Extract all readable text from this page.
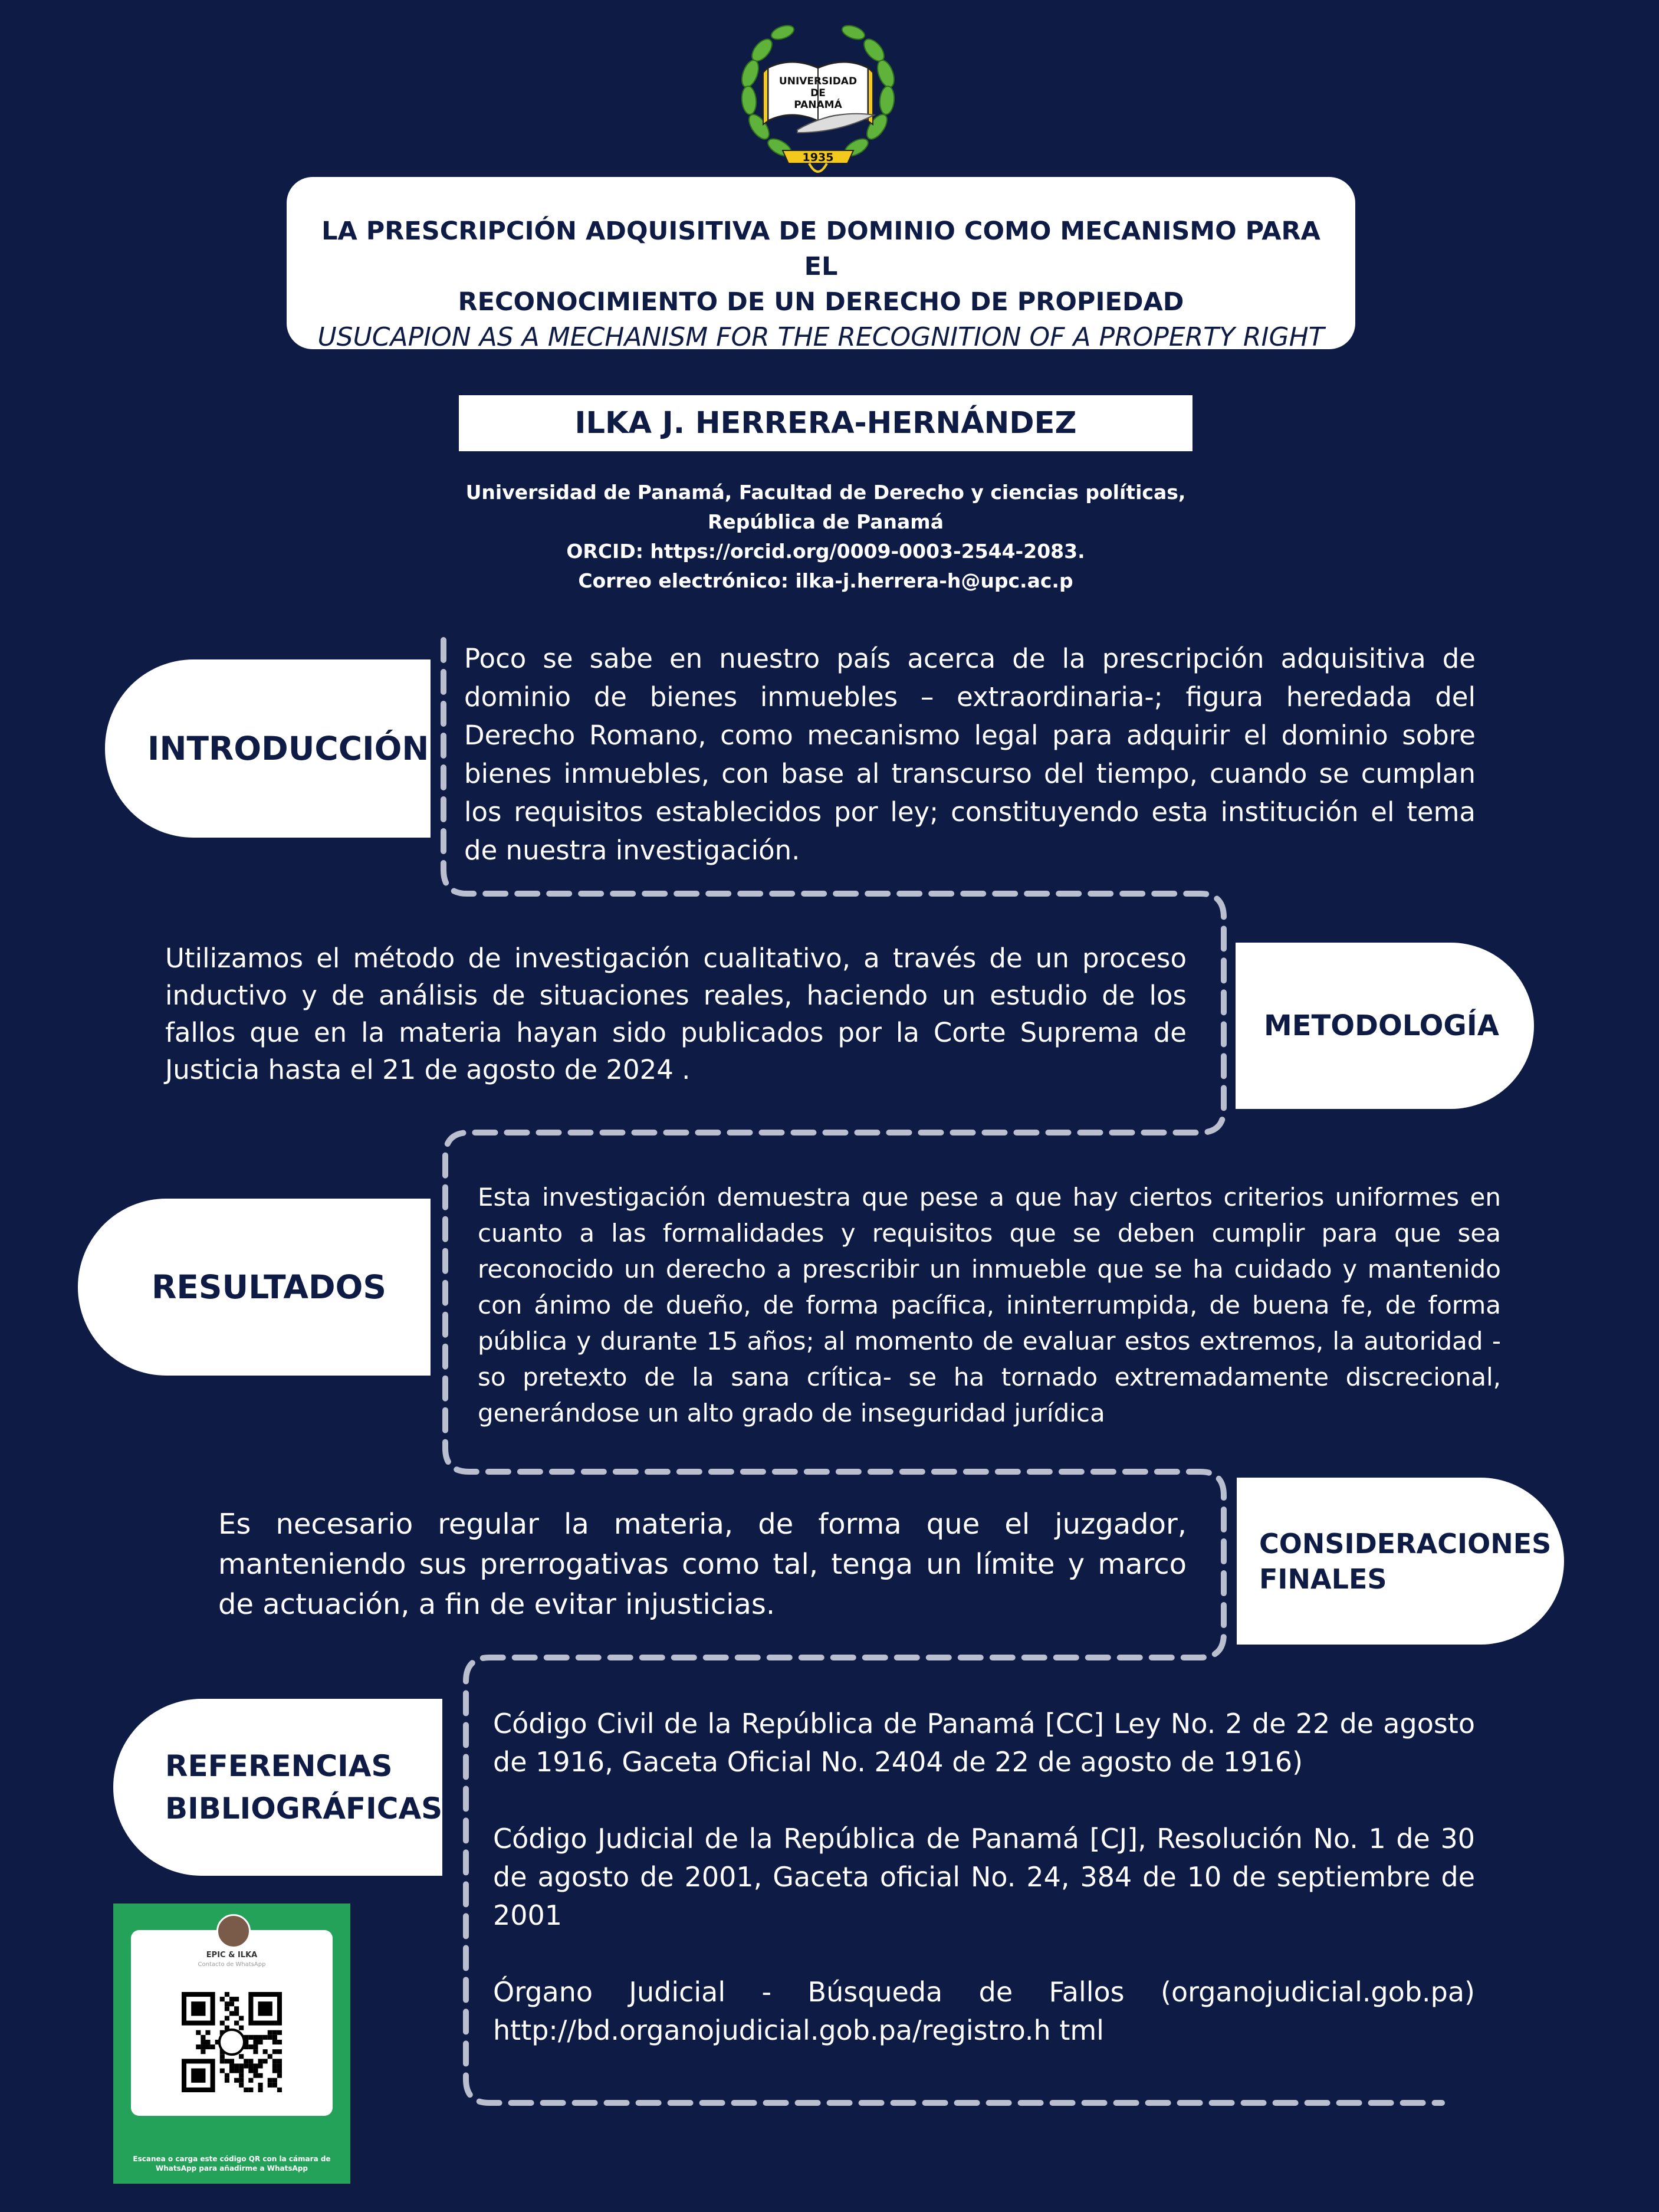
UNIVERSIDAD
DE
PANAMÁ
1935
LA PRESCRIPCIÓN ADQUISITIVA DE DOMINIO COMO MECANISMO PARA EL
RECONOCIMIENTO DE UN DERECHO DE PROPIEDAD
USUCAPION AS A MECHANISM FOR THE RECOGNITION OF A PROPERTY RIGHT
ILKA J. HERRERA-HERNÁNDEZ
Universidad de Panamá, Facultad de Derecho y ciencias políticas,
República de Panamá
ORCID: https://orcid.org/0009-0003-2544-2083.
Correo electrónico: ilka-j.herrera-h@upc.ac.p
INTRODUCCIÓN
Poco se sabe en nuestro país acerca de la prescripción adquisitiva de dominio de bienes inmuebles – extraordinaria-; figura heredada del Derecho Romano, como mecanismo legal para adquirir el dominio sobre bienes inmuebles, con base al transcurso del tiempo, cuando se cumplan los requisitos establecidos por ley; constituyendo esta institución el tema de nuestra investigación.
Utilizamos el método de investigación cualitativo, a través de un proceso inductivo y de análisis de situaciones reales, haciendo un estudio de los fallos que en la materia hayan sido publicados por la Corte Suprema de Justicia hasta el 21 de agosto de 2024 .
METODOLOGÍA
RESULTADOS
Esta investigación demuestra que pese a que hay ciertos criterios uniformes en cuanto a las formalidades y requisitos que se deben cumplir para que sea reconocido un derecho a prescribir un inmueble que se ha cuidado y mantenido con ánimo de dueño, de forma pacífica, ininterrumpida, de buena fe, de forma pública y durante 15 años; al momento de evaluar estos extremos, la autoridad -so pretexto de la sana crítica- se ha tornado extremadamente discrecional, generándose un alto grado de inseguridad jurídica
Es necesario regular la materia, de forma que el juzgador, manteniendo sus prerrogativas como tal, tenga un límite y marco de actuación, a fin de evitar injusticias.
CONSIDERACIONES
FINALES
REFERENCIAS
BIBLIOGRÁFICAS

Código Civil de la República de Panamá [CC] Ley No. 2 de 22 de agosto de 1916, Gaceta Oficial No. 2404 de 22 de agosto de 1916)

Código Judicial de la República de Panamá [CJ], Resolución No. 1 de 30 de agosto de 2001, Gaceta oficial No. 24, 384 de 10 de septiembre de 2001

Órgano Judicial - Búsqueda de Fallos (organojudicial.gob.pa) http://bd.organojudicial.gob.pa/registro.h tml

EPIC & ILKA
Contacto de WhatsApp
Escanea o carga este código QR con la cámara de WhatsApp para añadirme a WhatsApp
